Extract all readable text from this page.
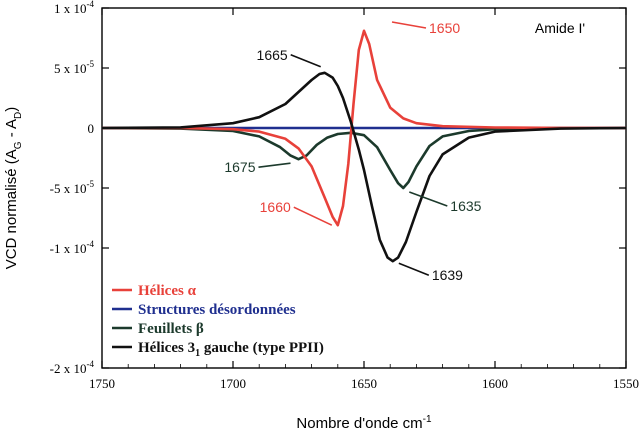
1750	1700	1650	1600	1550
1 x $10^{-4}$
5 x $10^{-5}$
0
-5 x $10^{-5}$
-1 x $10^{-4}$
-2 x $10^{-4}$
Nombre d'onde $cm^{-1}$
VCD normalisé $(A_G - A_D)$
1650
1665
1675
1635
1660
1639
Amide I'
Hélices α
Structures désordonnées
Feuillets β
Hélices $3_1$ gauche (type PPII)
